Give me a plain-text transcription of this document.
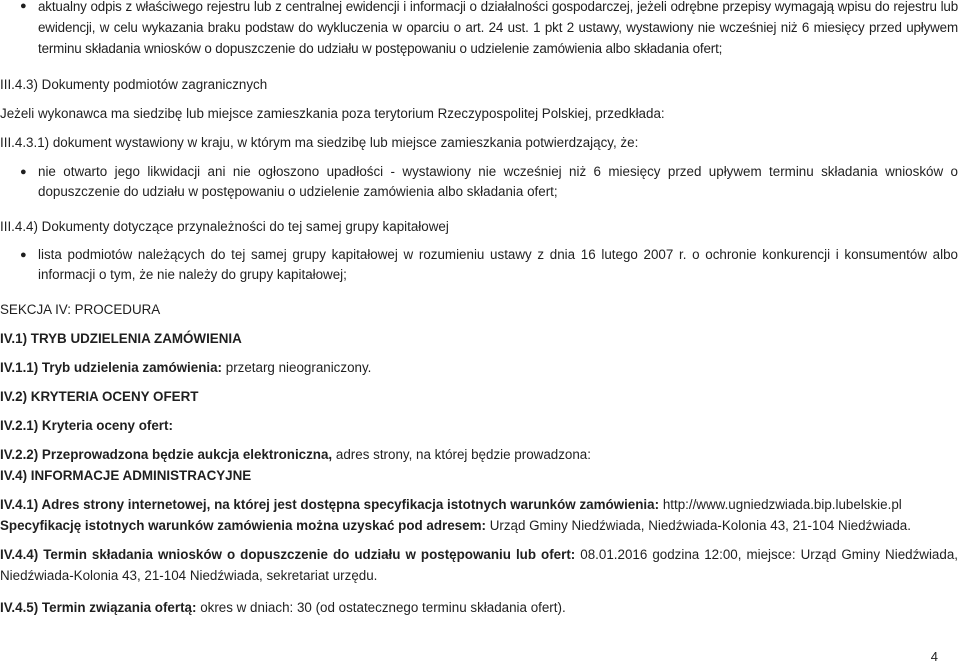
● aktualny odpis z właściwego rejestru lub z centralnej ewidencji i informacji o działalności gospodarczej, jeżeli odrębne przepisy wymagają wpisu do rejestru lub ewidencji, w celu wykazania braku podstaw do wykluczenia w oparciu o art. 24 ust. 1 pkt 2 ustawy, wystawiony nie wcześniej niż 6 miesięcy przed upływem terminu składania wniosków o dopuszczenie do udziału w postępowaniu o udzielenie zamówienia albo składania ofert;

III.4.3) Dokumenty podmiotów zagranicznych

Jeżeli wykonawca ma siedzibę lub miejsce zamieszkania poza terytorium Rzeczypospolitej Polskiej, przedkłada:

III.4.3.1) dokument wystawiony w kraju, w którym ma siedzibę lub miejsce zamieszkania potwierdzający, że:

● nie otwarto jego likwidacji ani nie ogłoszono upadłości - wystawiony nie wcześniej niż 6 miesięcy przed upływem terminu składania wniosków o dopuszczenie do udziału w postępowaniu o udzielenie zamówienia albo składania ofert;

III.4.4) Dokumenty dotyczące przynależności do tej samej grupy kapitałowej

● lista podmiotów należących do tej samej grupy kapitałowej w rozumieniu ustawy z dnia 16 lutego 2007 r. o ochronie konkurencji i konsumentów albo informacji o tym, że nie należy do grupy kapitałowej;

SEKCJA IV: PROCEDURA

IV.1) TRYB UDZIELENIA ZAMÓWIENIA

IV.1.1) Tryb udzielenia zamówienia: przetarg nieograniczony.

IV.2) KRYTERIA OCENY OFERT

IV.2.1) Kryteria oceny ofert:

IV.2.2) Przeprowadzona będzie aukcja elektroniczna, adres strony, na której będzie prowadzona:

IV.4) INFORMACJE ADMINISTRACYJNE

IV.4.1) Adres strony internetowej, na której jest dostępna specyfikacja istotnych warunków zamówienia: http://www.ugniedzwiada.bip.lubelskie.pl

Specyfikację istotnych warunków zamówienia można uzyskać pod adresem: Urząd Gminy Niedźwiada, Niedźwiada-Kolonia 43, 21-104 Niedźwiada.

IV.4.4) Termin składania wniosków o dopuszczenie do udziału w postępowaniu lub ofert: 08.01.2016 godzina 12:00, miejsce: Urząd Gminy Niedźwiada, Niedźwiada-Kolonia 43, 21-104 Niedźwiada, sekretariat urzędu.

IV.4.5) Termin związania ofertą: okres w dniach: 30 (od ostatecznego terminu składania ofert).

4
